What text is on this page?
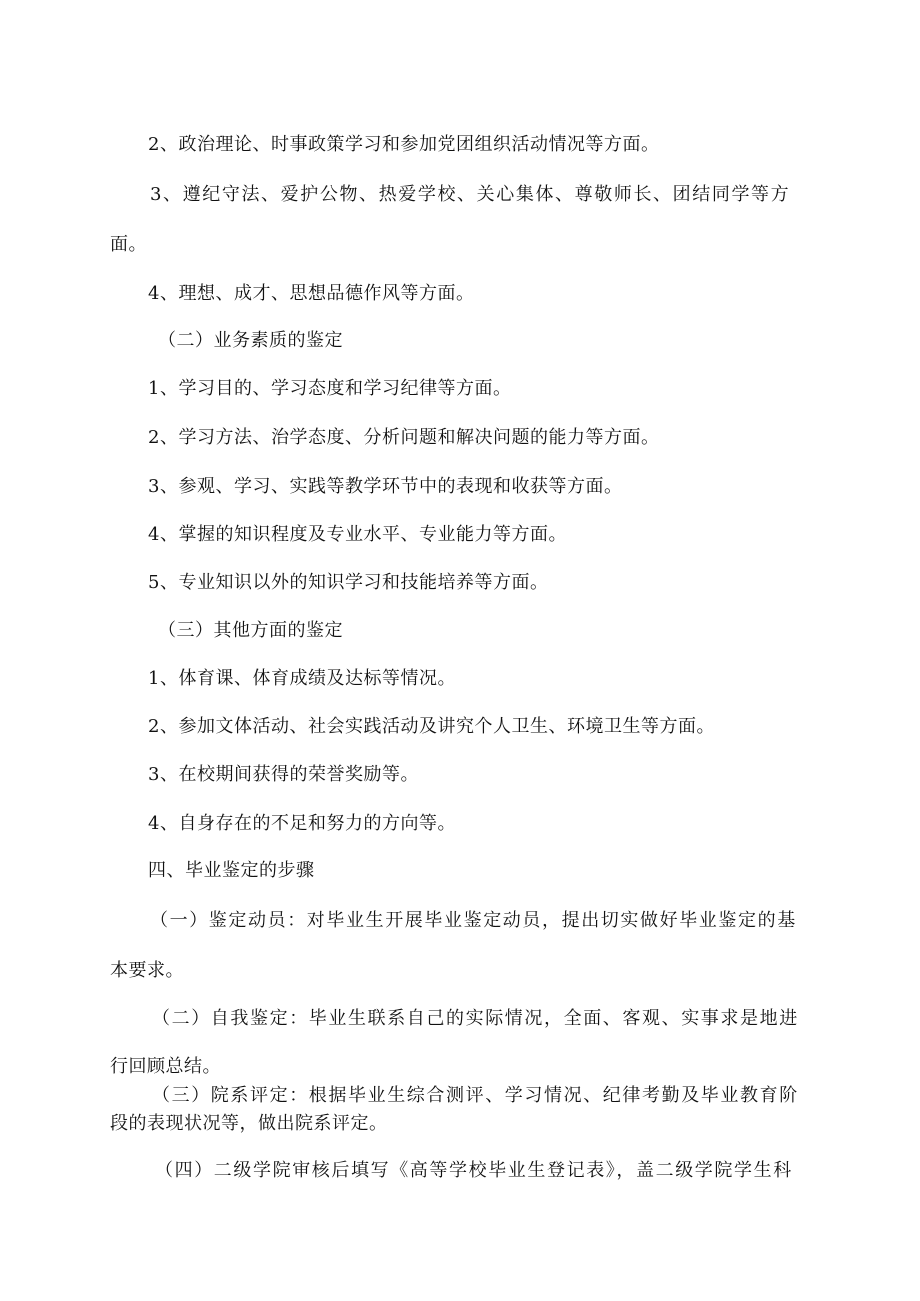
2、政治理论、时事政策学习和参加党团组织活动情况等方面。
3、遵纪守法、爱护公物、热爱学校、关心集体、尊敬师长、团结同学等方
面。
4、理想、成才、思想品德作风等方面。
（二）业务素质的鉴定
1、学习目的、学习态度和学习纪律等方面。
2、学习方法、治学态度、分析问题和解决问题的能力等方面。
3、参观、学习、实践等教学环节中的表现和收获等方面。
4、掌握的知识程度及专业水平、专业能力等方面。
5、专业知识以外的知识学习和技能培养等方面。
（三）其他方面的鉴定
1、体育课、体育成绩及达标等情况。
2、参加文体活动、社会实践活动及讲究个人卫生、环境卫生等方面。
3、在校期间获得的荣誉奖励等。
4、自身存在的不足和努力的方向等。
四、毕业鉴定的步骤
（一）鉴定动员：对毕业生开展毕业鉴定动员，提出切实做好毕业鉴定的基
本要求。
（二）自我鉴定：毕业生联系自己的实际情况，全面、客观、实事求是地进
行回顾总结。
（三）院系评定：根据毕业生综合测评、学习情况、纪律考勤及毕业教育阶
段的表现状况等，做出院系评定。
（四）二级学院审核后填写《高等学校毕业生登记表》，盖二级学院学生科
